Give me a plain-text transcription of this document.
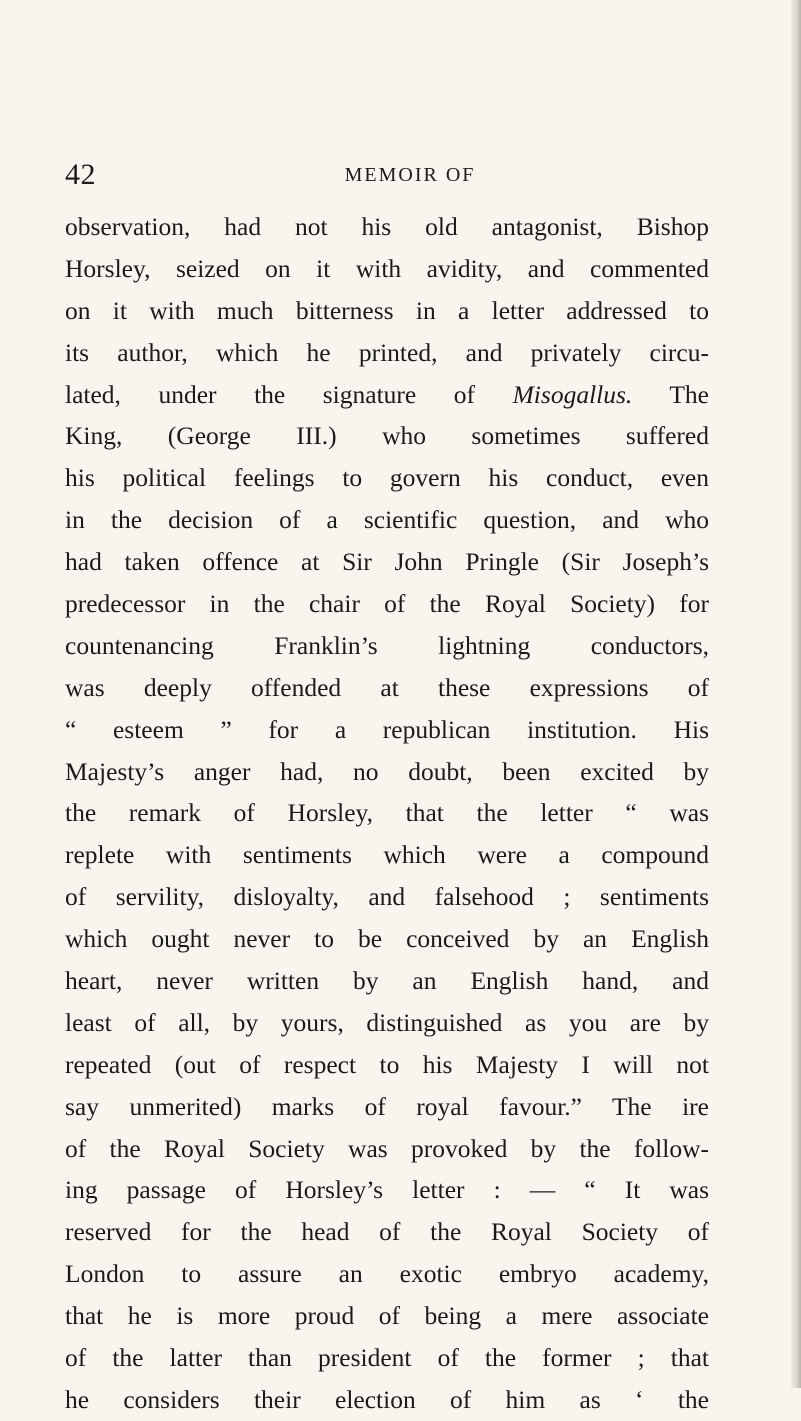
42	MEMOIR OF
observation, had not his old antagonist, Bishop
Horsley, seized on it with avidity, and commented
on it with much bitterness in a letter addressed to
its author, which he printed, and privately circu-
lated, under the signature of Misogallus. The
King, (George III.) who sometimes suffered
his political feelings to govern his conduct, even
in the decision of a scientific question, and who
had taken offence at Sir John Pringle (Sir Joseph’s
predecessor in the chair of the Royal Society) for
countenancing Franklin’s lightning conductors,
was deeply offended at these expressions of
“ esteem ” for a republican institution. His
Majesty’s anger had, no doubt, been excited by
the remark of Horsley, that the letter “ was
replete with sentiments which were a compound
of servility, disloyalty, and falsehood ; sentiments
which ought never to be conceived by an English
heart, never written by an English hand, and
least of all, by yours, distinguished as you are by
repeated (out of respect to his Majesty I will not
say unmerited) marks of royal favour.” The ire
of the Royal Society was provoked by the follow-
ing passage of Horsley’s letter : — “ It was
reserved for the head of the Royal Society of
London to assure an exotic embryo academy,
that he is more proud of being a mere associate
of the latter than president of the former ; that
he considers their election of him as ‘ the
